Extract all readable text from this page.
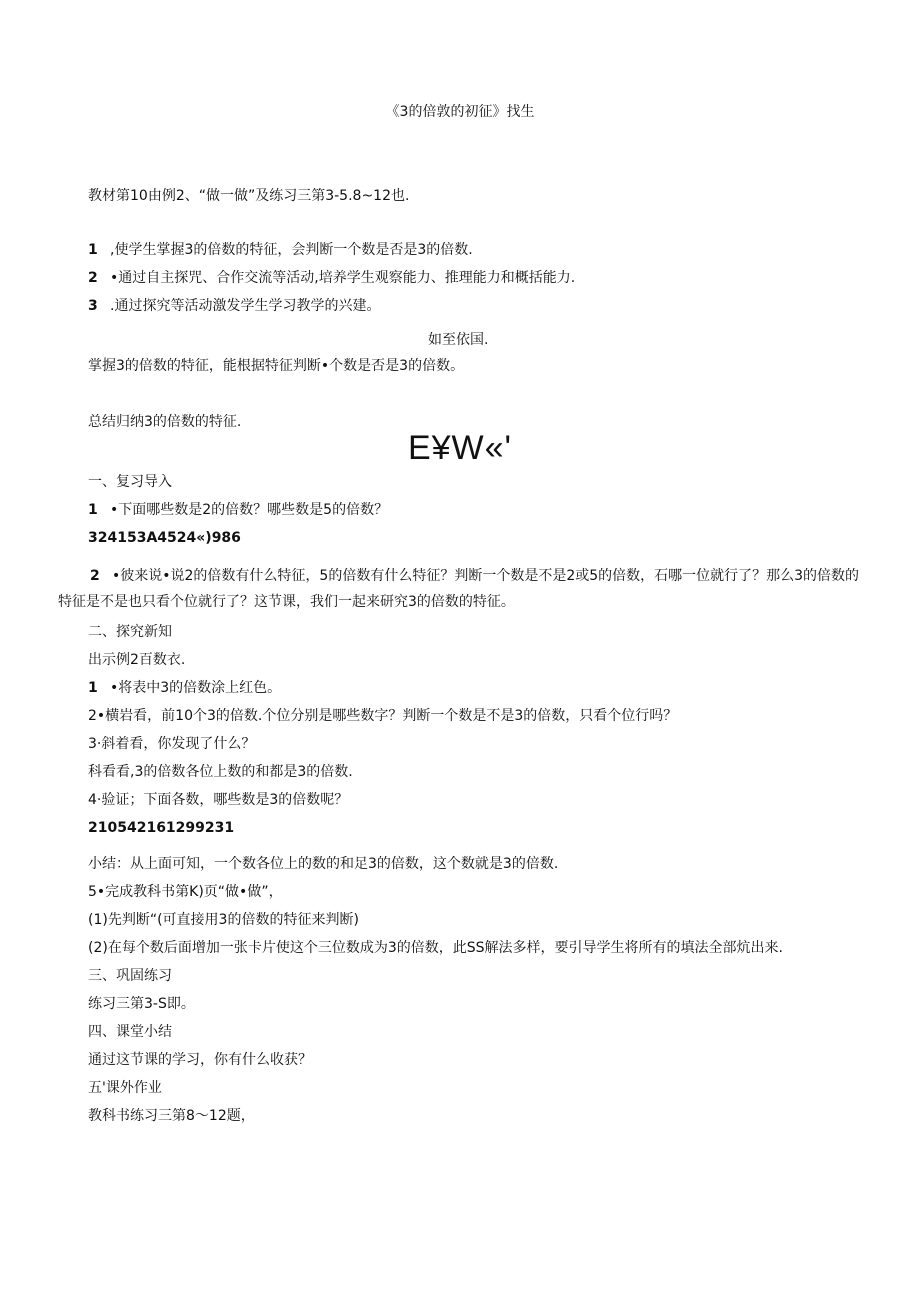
《3的倍敦的初征》找生
教材第10由例2、“做一做”及练习三第3-5.8~12也.
1 ,使学生掌握3的倍数的特征，会判断一个数是否是3的倍数.
2 •通过自主探咒、合作交流等活动,培养学生观察能力、推理能力和概括能力.
3 .通过探究等活动激发学生学习教学的兴建。
如至依国.
掌握3的倍数的特征，能根据特征判断•个数是否是3的倍数。
总结归纳3的倍数的特征.
E¥W«'
一、复习导入
1 •下面哪些数是2的倍数？哪些数是5的倍数？
324153A4524«)986
2 •彼来说•说2的倍数有什么特征，5的倍数有什么特征？判断一个数是不是2或5的倍数，石哪一位就行了？那么3的倍数的特征是不是也只看个位就行了？这节课，我们一起来研究3的倍数的特征。
二、探究新知
出示例2百数衣.
1 •将表中3的倍数涂上红色。
2•横岩看，前10个3的倍数.个位分别是哪些数字？判断一个数是不是3的倍数，只看个位行吗？
3·斜着看，你发现了什么？
科看看,3的倍数各位上数的和都是3的倍数.
4·验证；下面各数，哪些数是3的倍数呢？
210542161299231
小结：从上面可知，一个数各位上的数的和足3的倍数，这个数就是3的倍数.
5•完成教科书第K)页“做•做”，
(1)先判断“(可直接用3的倍数的特征来判断)
(2)在每个数后面增加一张卡片使这个三位数成为3的倍数，此SS解法多样，要引导学生将所有的填法全部炕出来.
三、巩固练习
练习三第3-S即。
四、课堂小结
通过这节课的学习，你有什么收获？
五'课外作业
教科书练习三第8～12题，
